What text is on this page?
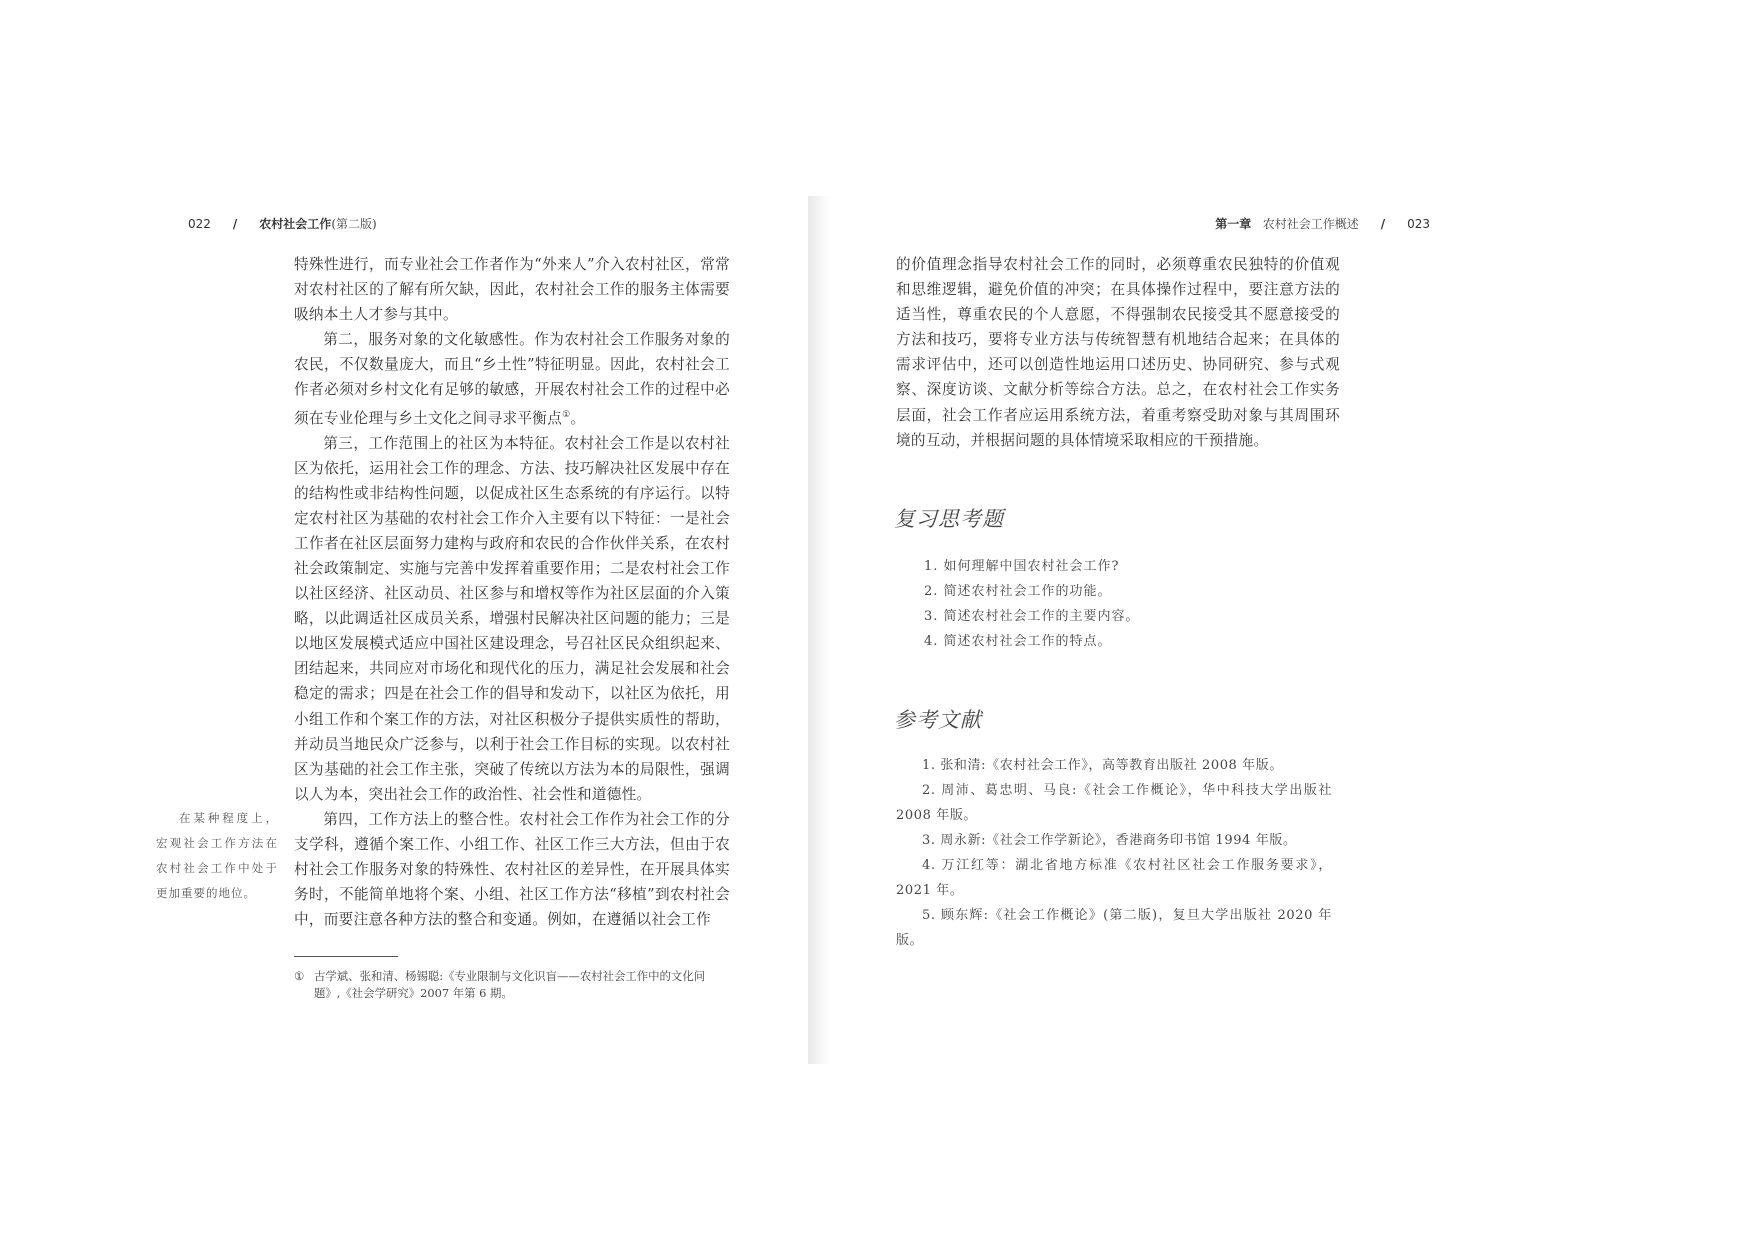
022 / 农村社会工作(第二版)

特殊性进行，而专业社会工作者作为“外来人”介入农村社区，常常对农村社区的了解有所欠缺，因此，农村社会工作的服务主体需要吸纳本土人才参与其中。

第二，服务对象的文化敏感性。作为农村社会工作服务对象的农民，不仅数量庞大，而且“乡土性”特征明显。因此，农村社会工作者必须对乡村文化有足够的敏感，开展农村社会工作的过程中必须在专业伦理与乡土文化之间寻求平衡点①。

第三，工作范围上的社区为本特征。农村社会工作是以农村社区为依托，运用社会工作的理念、方法、技巧解决社区发展中存在的结构性或非结构性问题，以促成社区生态系统的有序运行。以特定农村社区为基础的农村社会工作介入主要有以下特征：一是社会工作者在社区层面努力建构与政府和农民的合作伙伴关系，在农村社会政策制定、实施与完善中发挥着重要作用；二是农村社会工作以社区经济、社区动员、社区参与和增权等作为社区层面的介入策略，以此调适社区成员关系，增强村民解决社区问题的能力；三是以地区发展模式适应中国社区建设理念，号召社区民众组织起来、团结起来，共同应对市场化和现代化的压力，满足社会发展和社会稳定的需求；四是在社会工作的倡导和发动下，以社区为依托，用小组工作和个案工作的方法，对社区积极分子提供实质性的帮助，并动员当地民众广泛参与，以利于社会工作目标的实现。以农村社区为基础的社会工作主张，突破了传统以方法为本的局限性，强调以人为本，突出社会工作的政治性、社会性和道德性。

第四，工作方法上的整合性。农村社会工作作为社会工作的分支学科，遵循个案工作、小组工作、社区工作三大方法，但由于农村社会工作服务对象的特殊性、农村社区的差异性，在开展具体实务时，不能简单地将个案、小组、社区工作方法“移植”到农村社会中，而要注意各种方法的整合和变通。例如，在遵循以社会工作

在某种程度上，宏观社会工作方法在农村社会工作中处于更加重要的地位。

① 古学斌、张和清、杨锡聪:《专业限制与文化识盲——农村社会工作中的文化问题》,《社会学研究》2007 年第 6 期。
第一章 农村社会工作概述 / 023

的价值理念指导农村社会工作的同时，必须尊重农民独特的价值观和思维逻辑，避免价值的冲突；在具体操作过程中，要注意方法的适当性，尊重农民的个人意愿，不得强制农民接受其不愿意接受的方法和技巧，要将专业方法与传统智慧有机地结合起来；在具体的需求评估中，还可以创造性地运用口述历史、协同研究、参与式观察、深度访谈、文献分析等综合方法。总之，在农村社会工作实务层面，社会工作者应运用系统方法，着重考察受助对象与其周围环境的互动，并根据问题的具体情境采取相应的干预措施。

复习思考题
1. 如何理解中国农村社会工作?
2. 简述农村社会工作的功能。
3. 简述农村社会工作的主要内容。
4. 简述农村社会工作的特点。
参考文献

1. 张和清:《农村社会工作》，高等教育出版社 2008 年版。

2. 周沛、葛忠明、马良:《社会工作概论》，华中科技大学出版社 2008 年版。

3. 周永新:《社会工作学新论》，香港商务印书馆 1994 年版。

4. 万江红等：湖北省地方标准《农村社区社会工作服务要求》，2021 年。

5. 顾东辉:《社会工作概论》(第二版)，复旦大学出版社 2020 年版。
